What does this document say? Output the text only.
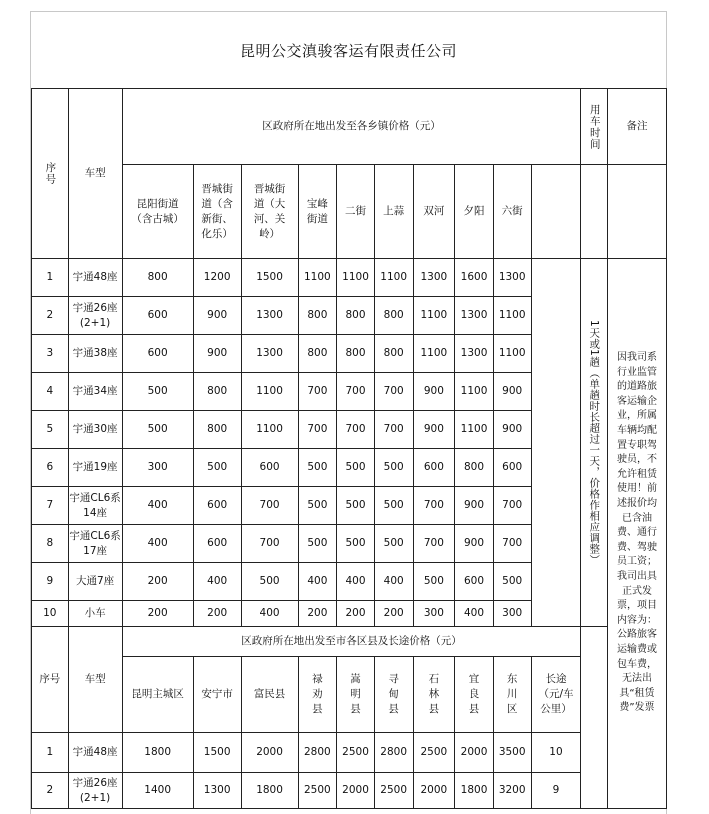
昆明公交滇骏客运有限责任公司
序号	车型	区政府所在地出发至各乡镇价格（元）										用车时间	备注
		昆阳街道（含古城）	晋城街道（含新街、化乐）	晋城街道（大河、关岭）	宝峰街道	二街	上蒜	双河	夕阳	六街			
1	宇通48座	800	1200	1500	1100	1100	1100	1300	1600	1300		1天或1趟（单趟时长超过一天，价格作相应调整）	因我司系行业监管的道路旅客运输企业，所属车辆均配置专职驾驶员，不允许租赁使用！前述报价均已含油费、通行费、驾驶员工资；我司出具正式发票，项目内容为：公路旅客运输费或包车费，无法出具“租赁费”发票

2	宇通26座(2+1)	600	900	1300	800	800	800	1100	1300	1100			
3	宇通38座	600	900	1300	800	800	800	1100	1300	1100			
4	宇通34座	500	800	1100	700	700	700	900	1100	900			
5	宇通30座	500	800	1100	700	700	700	900	1100	900			
6	宇通19座	300	500	600	500	500	500	600	800	600			
7	宇通CL6系14座	400	600	700	500	500	500	700	900	700			
8	宇通CL6系17座	400	600	700	500	500	500	700	900	700			
9	大通7座	200	400	500	400	400	400	500	600	500			
10	小车	200	200	400	200	200	200	300	400	300			
序号	车型	区政府所在地出发至市各区县及长途价格（元）											
		昆明主城区	安宁市	富民县	禄劝县	嵩明县	寻甸县	石林县	宜良县	东川区	长途（元/车公里）		
1	宇通48座	1800	1500	2000	2800	2500	2800	2500	2000	3500	10		
2	宇通26座(2+1)	1400	1300	1800	2500	2000	2500	2000	1800	3200	9		
